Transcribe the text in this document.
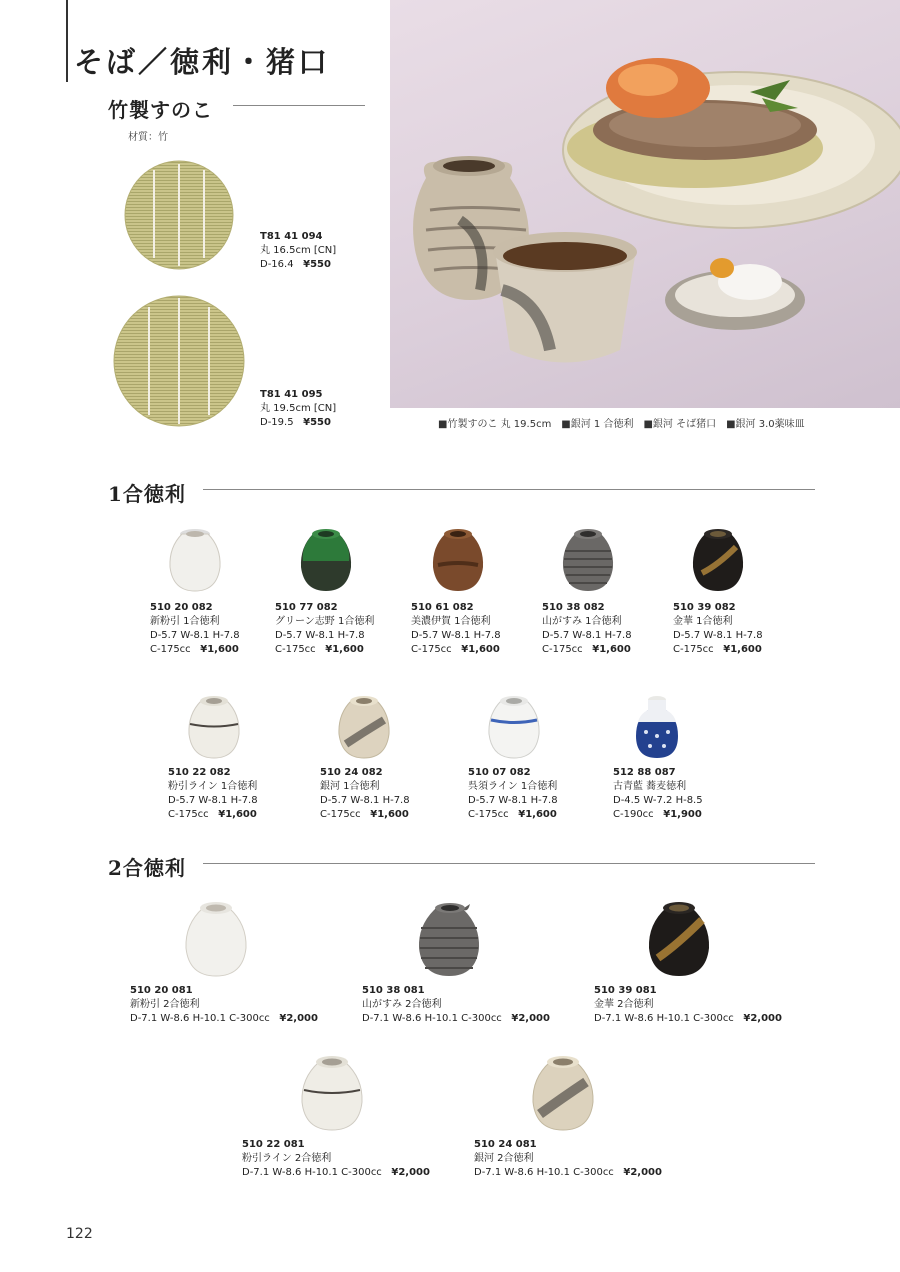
そば／徳利・猪口
竹製すのこ
材質：竹
T81 41 094
丸 16.5cm [CN]
D-16.4 ¥550
T81 41 095
丸 19.5cm [CN]
D-19.5 ¥550	■竹製すのこ 丸 19.5cm　■銀河 1 合徳利　■銀河 そば猪口　■銀河 3.0薬味皿
1合徳利
510 20 082
新粉引 1合徳利
D-5.7 W-8.1 H-7.8
C-175cc ¥1,600
510 77 082
グリーン志野 1合徳利
D-5.7 W-8.1 H-7.8
C-175cc ¥1,600
510 61 082
美濃伊賀 1合徳利
D-5.7 W-8.1 H-7.8
C-175cc ¥1,600
510 38 082
山がすみ 1合徳利
D-5.7 W-8.1 H-7.8
C-175cc ¥1,600
510 39 082
金華 1合徳利
D-5.7 W-8.1 H-7.8
C-175cc ¥1,600
510 22 082
粉引ライン 1合徳利
D-5.7 W-8.1 H-7.8
C-175cc ¥1,600
510 24 082
銀河 1合徳利
D-5.7 W-8.1 H-7.8
C-175cc ¥1,600
510 07 082
呉須ライン 1合徳利
D-5.7 W-8.1 H-7.8
C-175cc ¥1,600
512 88 087
古青藍 蕎麦徳利
D-4.5 W-7.2 H-8.5
C-190cc ¥1,900
2合徳利
510 20 081
新粉引 2合徳利
D-7.1 W-8.6 H-10.1 C-300cc ¥2,000
510 38 081
山がすみ 2合徳利
D-7.1 W-8.6 H-10.1 C-300cc ¥2,000
510 39 081
金華 2合徳利
D-7.1 W-8.6 H-10.1 C-300cc ¥2,000
510 22 081
粉引ライン 2合徳利
D-7.1 W-8.6 H-10.1 C-300cc ¥2,000
510 24 081
銀河 2合徳利
D-7.1 W-8.6 H-10.1 C-300cc ¥2,000
122
